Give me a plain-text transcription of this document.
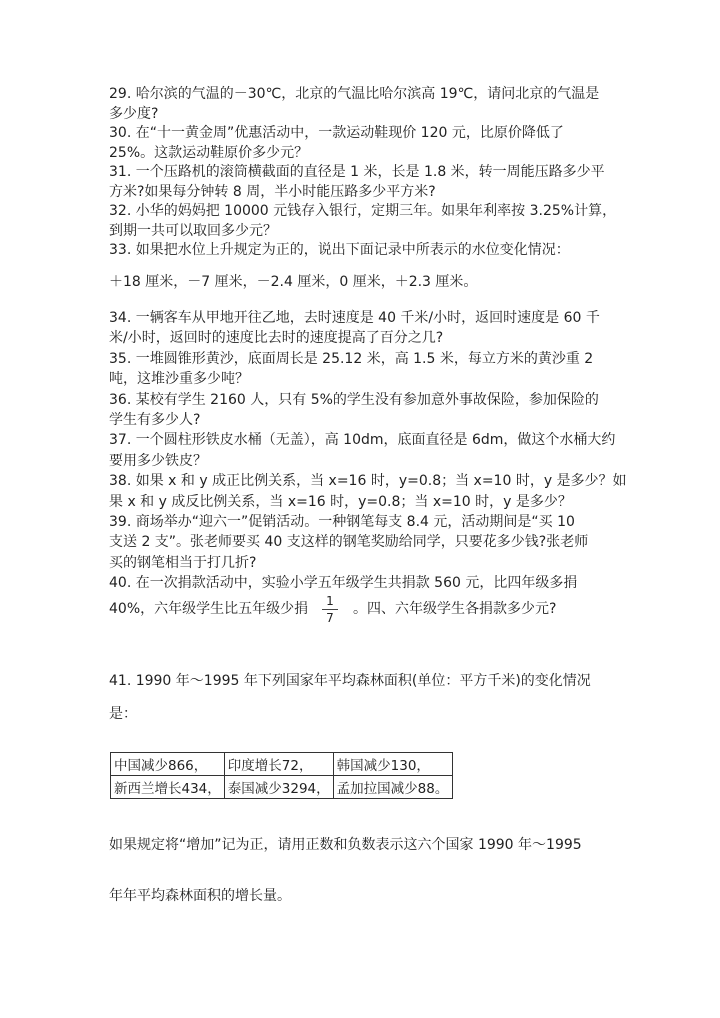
29. 哈尔滨的气温的－30℃，北京的气温比哈尔滨高 19℃，请问北京的气温是
多少度?
30. 在“十一黄金周”优惠活动中，一款运动鞋现价 120 元，比原价降低了
25%。这款运动鞋原价多少元？
31. 一个压路机的滚筒横截面的直径是 1 米，长是 1.8 米，转一周能压路多少平
方米?如果每分钟转 8 周，半小时能压路多少平方米?
32. 小华的妈妈把 10000 元钱存入银行，定期三年。如果年利率按 3.25%计算，
到期一共可以取回多少元？
33. 如果把水位上升规定为正的，说出下面记录中所表示的水位变化情况：
＋18 厘米，－7 厘米，－2.4 厘米，0 厘米，＋2.3 厘米。
34. 一辆客车从甲地开往乙地，去时速度是 40 千米/小时，返回时速度是 60 千
米/小时，返回时的速度比去时的速度提高了百分之几?
35. 一堆圆锥形黄沙，底面周长是 25.12 米，高 1.5 米，每立方米的黄沙重 2
吨，这堆沙重多少吨？
36. 某校有学生 2160 人，只有 5%的学生没有参加意外事故保险，参加保险的
学生有多少人?
37. 一个圆柱形铁皮水桶（无盖），高 10dm，底面直径是 6dm，做这个水桶大约
要用多少铁皮？
38. 如果 x 和 y 成正比例关系，当 x=16 时，y=0.8；当 x=10 时，y 是多少？如
果 x 和 y 成反比例关系，当 x=16 时，y=0.8；当 x=10 时，y 是多少？
39. 商场举办“迎六一”促销活动。一种钢笔每支 8.4 元，活动期间是“买 10
支送 2 支”。张老师要买 40 支这样的钢笔奖励给同学，只要花多少钱?张老师
买的钢笔相当于打几折?
40. 在一次捐款活动中，实验小学五年级学生共捐款 560 元，比四年级多捐
40%，六年级学生比五年级少捐	1
7
。四、六年级学生各捐款多少元?
41. 1990 年～1995 年下列国家年平均森林面积(单位：平方千米)的变化情况
是：
中国减少866，	印度增长72，	韩国减少130，
新西兰增长434，	泰国减少3294，	孟加拉国减少88。
如果规定将“增加”记为正，请用正数和负数表示这六个国家 1990 年～1995
年年平均森林面积的增长量。
